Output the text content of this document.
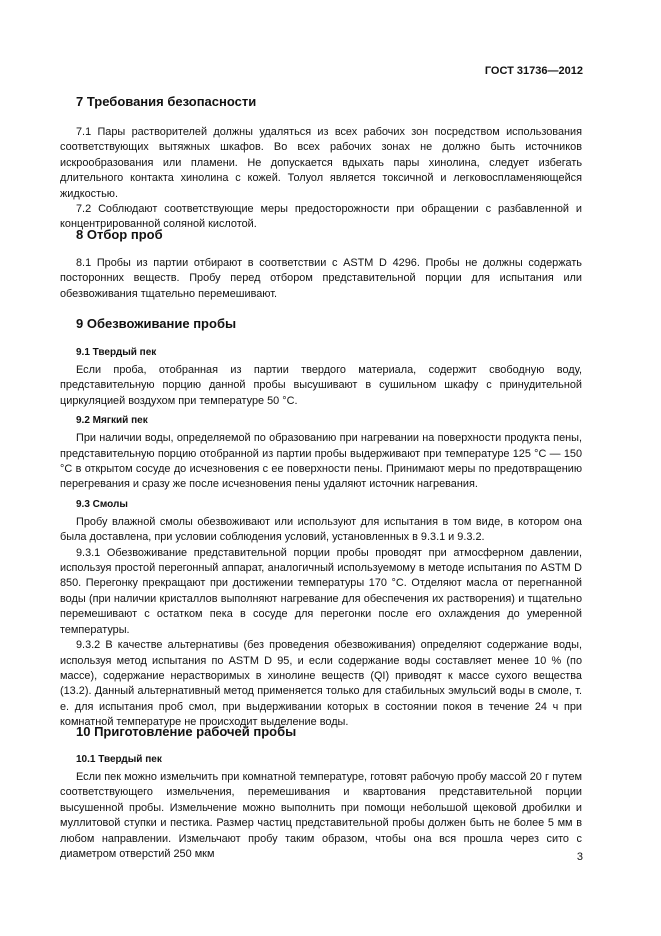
ГОСТ 31736—2012
7 Требования безопасности

7.1 Пары растворителей должны удаляться из всех рабочих зон посредством использования соответствующих вытяжных шкафов. Во всех рабочих зонах не должно быть источников искрообразования или пламени. Не допускается вдыхать пары хинолина, следует избегать длительного контакта хинолина с кожей. Толуол является токсичной и легковоспламеняющейся жидкостью.

7.2 Соблюдают соответствующие меры предосторожности при обращении с разбавленной и концентрированной соляной кислотой.

8 Отбор проб

8.1 Пробы из партии отбирают в соответствии с ASTM D 4296. Пробы не должны содержать посторонних веществ. Пробу перед отбором представительной порции для испытания или обезвоживания тщательно перемешивают.

9 Обезвоживание пробы
9.1 Твердый пек

Если проба, отобранная из партии твердого материала, содержит свободную воду, представительную порцию данной пробы высушивают в сушильном шкафу с принудительной циркуляцией воздухом при температуре 50 °С.

9.2 Мягкий пек

При наличии воды, определяемой по образованию при нагревании на поверхности продукта пены, представительную порцию отобранной из партии пробы выдерживают при температуре 125 °С — 150 °С в открытом сосуде до исчезновения с ее поверхности пены. Принимают меры по предотвращению перегревания и сразу же после исчезновения пены удаляют источник нагревания.

9.3 Смолы

Пробу влажной смолы обезвоживают или используют для испытания в том виде, в котором она была доставлена, при условии соблюдения условий, установленных в 9.3.1 и 9.3.2.

9.3.1 Обезвоживание представительной порции пробы проводят при атмосферном давлении, используя простой перегонный аппарат, аналогичный используемому в методе испытания по ASTM D 850. Перегонку прекращают при достижении температуры 170 °С. Отделяют масла от перегнанной воды (при наличии кристаллов выполняют нагревание для обеспечения их растворения) и тщательно перемешивают с остатком пека в сосуде для перегонки после его охлаждения до умеренной температуры.

9.3.2 В качестве альтернативы (без проведения обезвоживания) определяют содержание воды, используя метод испытания по ASTM D 95, и если содержание воды составляет менее 10 % (по массе), содержание нерастворимых в хинолине веществ (QI) приводят к массе сухого вещества (13.2). Данный альтернативный метод применяется только для стабильных эмульсий воды в смоле, т. е. для испытания проб смол, при выдерживании которых в состоянии покоя в течение 24 ч при комнатной температуре не происходит выделение воды.

10 Приготовление рабочей пробы
10.1 Твердый пек

Если пек можно измельчить при комнатной температуре, готовят рабочую пробу массой 20 г путем соответствующего измельчения, перемешивания и квартования представительной порции высушенной пробы. Измельчение можно выполнить при помощи небольшой щековой дробилки и муллитовой ступки и пестика. Размер частиц представительной пробы должен быть не более 5 мм в любом направлении. Измельчают пробу таким образом, чтобы она вся прошла через сито с диаметром отверстий 250 мкм	3
